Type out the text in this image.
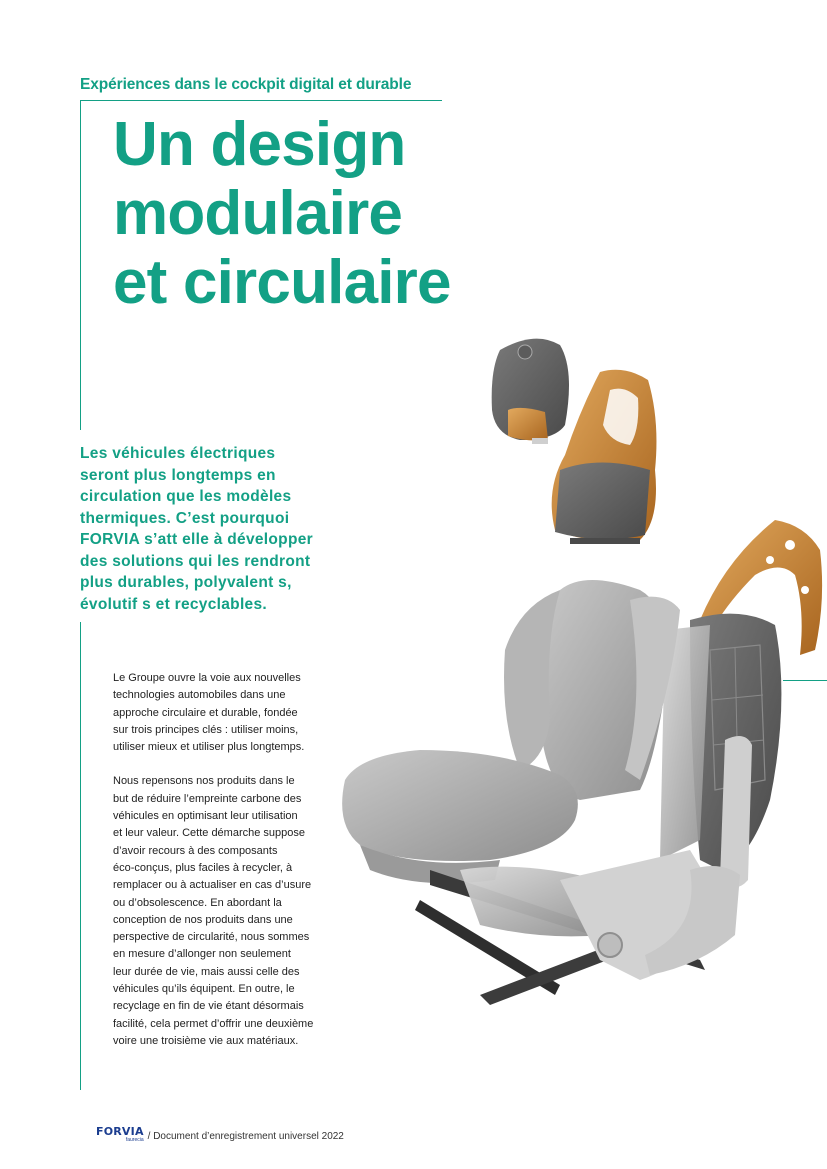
Expériences dans le cockpit digital et durable
Un design
modulaire
et circulaire
Les véhicules électriques
seront plus longtemps en
circulation que les modèles
thermiques. C’est pourquoi
FORVIA s’att elle à développer
des solutions qui les rendront
plus durables, polyvalent s,
évolutif s et recyclables.

Le Groupe ouvre la voie aux nouvelles
technologies automobiles dans une
approche circulaire et durable, fondée
sur trois principes clés : utiliser moins,
utiliser mieux et utiliser plus longtemps.

Nous repensons nos produits dans le
but de réduire l’empreinte carbone des
véhicules en optimisant leur utilisation
et leur valeur. Cette démarche suppose
d’avoir recours à des composants
éco-conçus, plus faciles à recycler, à
remplacer ou à actualiser en cas d’usure
ou d’obsolescence. En abordant la
conception de nos produits dans une
perspective de circularité, nous sommes
en mesure d’allonger non seulement
leur durée de vie, mais aussi celle des
véhicules qu’ils équipent. En outre, le
recyclage en fin de vie étant désormais
facilité, cela permet d’offrir une deuxième
voire une troisième vie aux matériaux.

FORVIA
faurecia / Document d’enregistrement universel 2022
